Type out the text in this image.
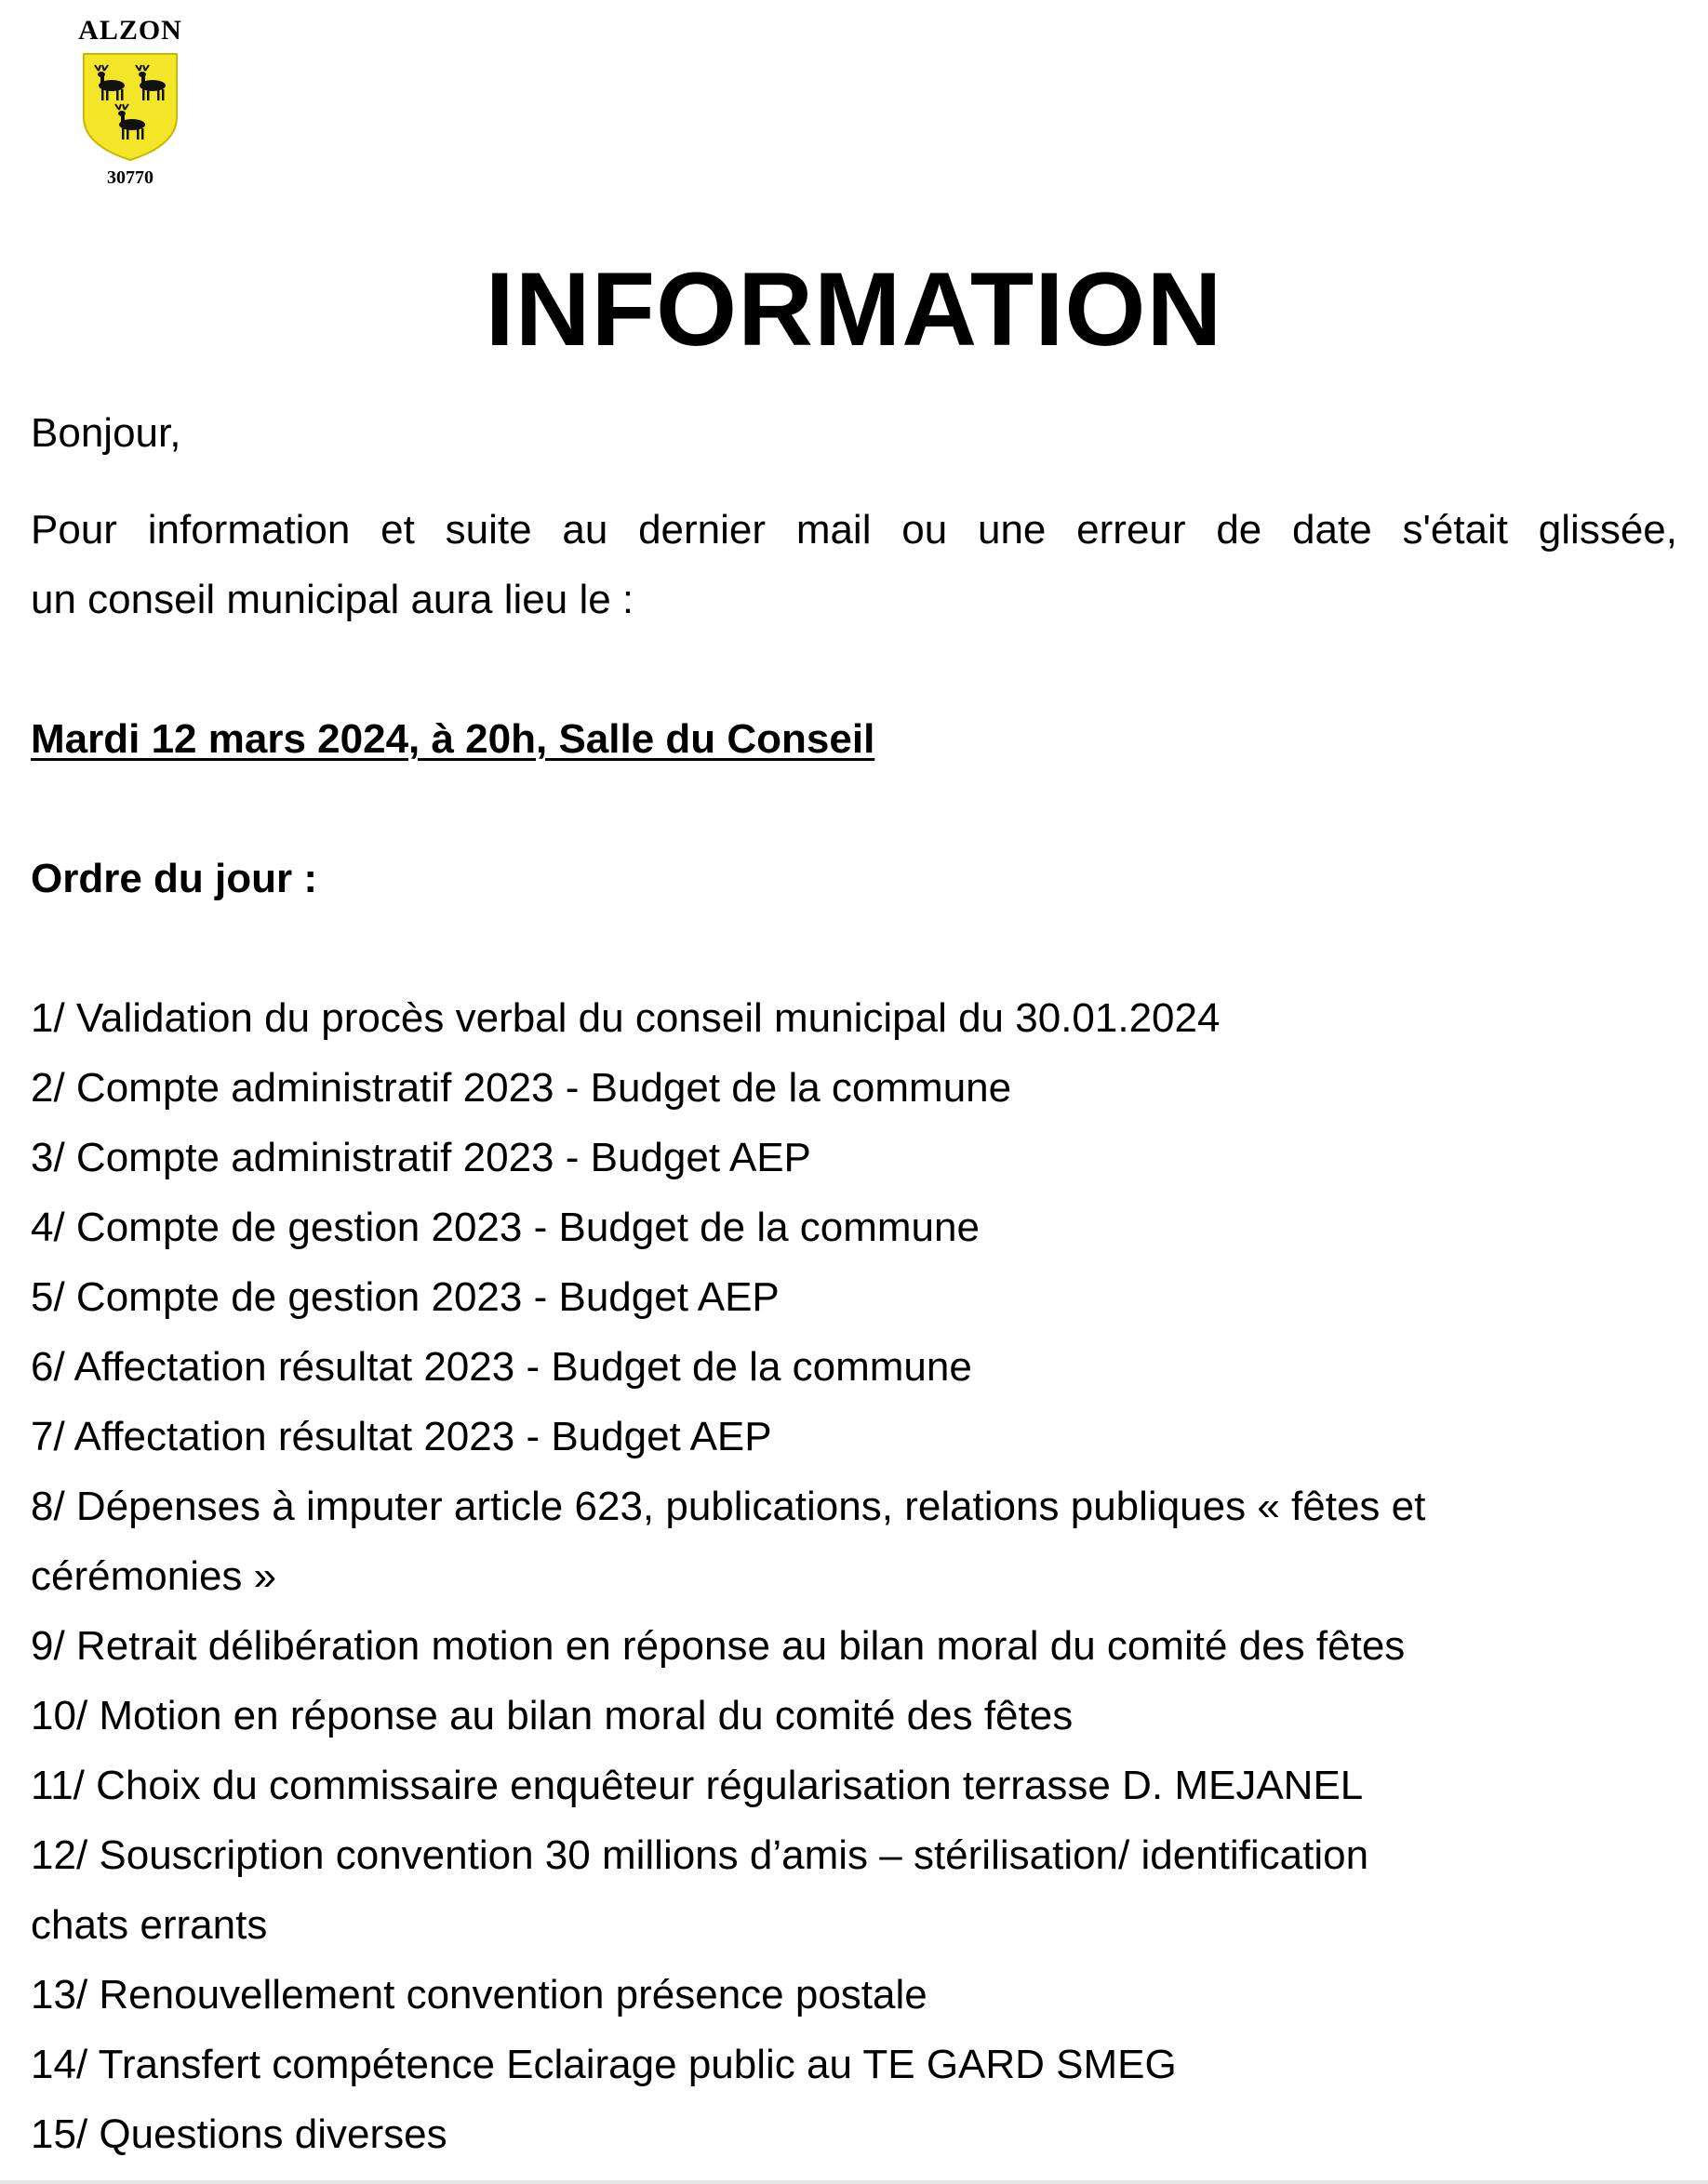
ALZON
30770
INFORMATION
Bonjour,
Pour information et suite au dernier mail ou une erreur de date s'était glissée,
un conseil municipal aura lieu le :
Mardi 12 mars 2024, à 20h, Salle du Conseil
Ordre du jour :
1/ Validation du procès verbal du conseil municipal du 30.01.2024
2/ Compte administratif 2023 - Budget de la commune
3/ Compte administratif 2023 - Budget AEP
4/ Compte de gestion 2023 - Budget de la commune
5/ Compte de gestion 2023 - Budget AEP
6/ Affectation résultat 2023 - Budget de la commune
7/ Affectation résultat 2023 - Budget AEP
8/ Dépenses à imputer article 623, publications, relations publiques « fêtes et
cérémonies »
9/ Retrait délibération motion en réponse au bilan moral du comité des fêtes
10/ Motion en réponse au bilan moral du comité des fêtes
11/ Choix du commissaire enquêteur régularisation terrasse D. MEJANEL
12/ Souscription convention 30 millions d’amis – stérilisation/ identification
chats errants
13/ Renouvellement convention présence postale
14/ Transfert compétence Eclairage public au TE GARD SMEG
15/ Questions diverses
